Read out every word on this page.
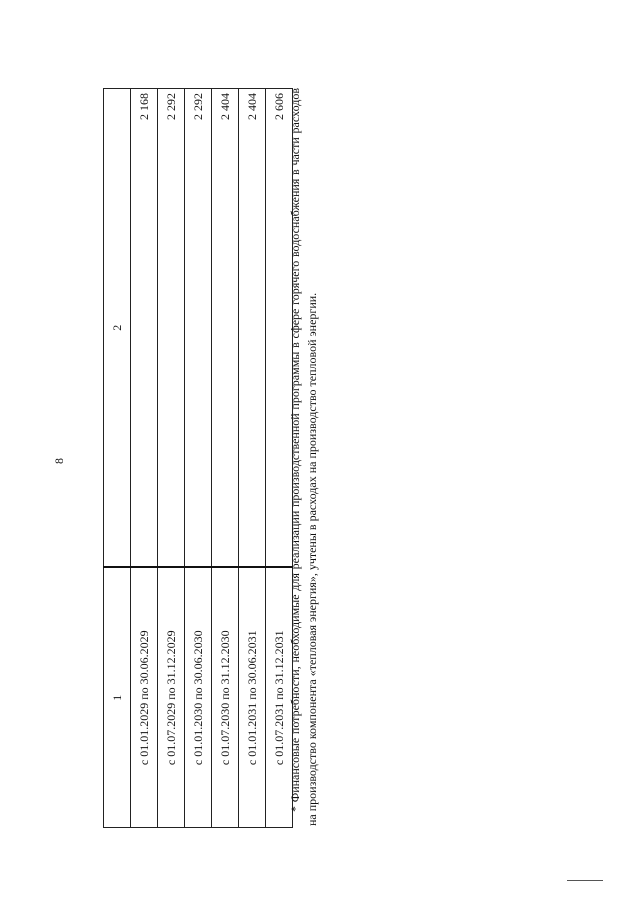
8
1	2
с 01.01.2029 по 30.06.2029	2 168
с 01.07.2029 по 31.12.2029	2 292
с 01.01.2030 по 30.06.2030	2 292
с 01.07.2030 по 31.12.2030	2 404
с 01.01.2031 по 30.06.2031	2 404
с 01.07.2031 по 31.12.2031	2 606 * Финансовые потребности, необходимые для реализации производственной программы в сфере горячего водоснабжения в части расходов на производство компонента «тепловая энергия», учтены в расходах на производство тепловой энергии.
